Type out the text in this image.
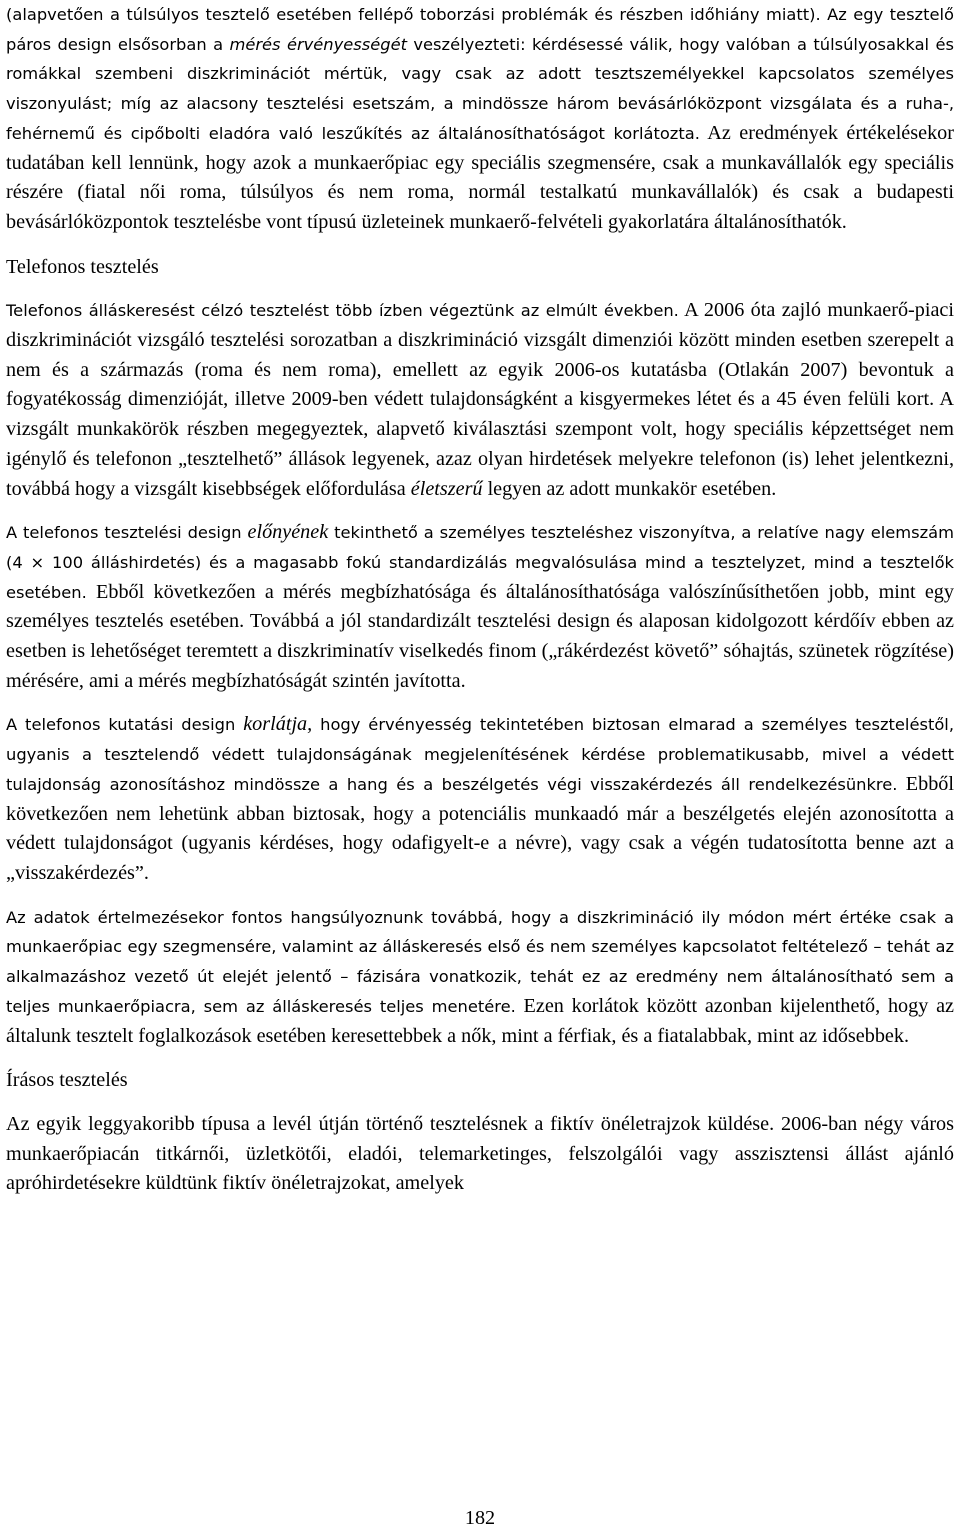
(alapvetően a túlsúlyos tesztelő esetében fellépő toborzási problémák és részben időhiány miatt). Az egy tesztelő páros design elsősorban a mérés érvényességét veszélyezteti: kérdésessé válik, hogy valóban a túlsúlyosakkal és romákkal szembeni diszkriminációt mértük, vagy csak az adott tesztszemélyekkel kapcsolatos személyes viszonyulást; míg az alacsony tesztelési esetszám, a mindössze három bevásárlóközpont vizsgálata és a ruha-, fehérnemű és cipőbolti eladóra való leszűkítés az általánosíthatóságot korlátozta. Az eredmények értékelésekor tudatában kell lennünk, hogy azok a munkaerőpiac egy speciális szegmensére, csak a munkavállalók egy speciális részére (fiatal női roma, túlsúlyos és nem roma, normál testalkatú munkavállalók) és csak a budapesti bevásárlóközpontok tesztelésbe vont típusú üzleteinek munkaerő-felvételi gyakorlatára általánosíthatók.

Telefonos tesztelés

Telefonos álláskeresést célzó tesztelést több ízben végeztünk az elmúlt években. A 2006 óta zajló munkaerő-piaci diszkriminációt vizsgáló tesztelési sorozatban a diszkrimináció vizsgált dimenziói között minden esetben szerepelt a nem és a származás (roma és nem roma), emellett az egyik 2006-os kutatásba (Otlakán 2007) bevontuk a fogyatékosság dimenzióját, illetve 2009-ben védett tulajdonságként a kisgyermekes létet és a 45 éven felüli kort. A vizsgált munkakörök részben megegyeztek, alapvető kiválasztási szempont volt, hogy speciális képzettséget nem igénylő és telefonon „tesztelhető” állások legyenek, azaz olyan hirdetések melyekre telefonon (is) lehet jelentkezni, továbbá hogy a vizsgált kisebbségek előfordulása életszerű legyen az adott munkakör esetében.

A telefonos tesztelési design előnyének tekinthető a személyes teszteléshez viszonyítva, a relatíve nagy elemszám (4 × 100 álláshirdetés) és a magasabb fokú standardizálás megvalósulása mind a tesztelyzet, mind a tesztelők esetében. Ebből következően a mérés megbízhatósága és általánosíthatósága valószínűsíthetően jobb, mint egy személyes tesztelés esetében. Továbbá a jól standardizált tesztelési design és alaposan kidolgozott kérdőív ebben az esetben is lehetőséget teremtett a diszkriminatív viselkedés finom („rákérdezést követő” sóhajtás, szünetek rögzítése) mérésére, ami a mérés megbízhatóságát szintén javította.

A telefonos kutatási design korlátja, hogy érvényesség tekintetében biztosan elmarad a személyes teszteléstől, ugyanis a tesztelendő védett tulajdonságának megjelenítésének kérdése problematikusabb, mivel a védett tulajdonság azonosításhoz mindössze a hang és a beszélgetés végi visszakérdezés áll rendelkezésünkre. Ebből következően nem lehetünk abban biztosak, hogy a potenciális munkaadó már a beszélgetés elején azonosította a védett tulajdonságot (ugyanis kérdéses, hogy odafigyelt-e a névre), vagy csak a végén tudatosította benne azt a „visszakérdezés”.

Az adatok értelmezésekor fontos hangsúlyoznunk továbbá, hogy a diszkrimináció ily módon mért értéke csak a munkaerőpiac egy szegmensére, valamint az álláskeresés első és nem személyes kapcsolatot feltételező – tehát az alkalmazáshoz vezető út elejét jelentő – fázisára vonatkozik, tehát ez az eredmény nem általánosítható sem a teljes munkaerőpiacra, sem az álláskeresés teljes menetére. Ezen korlátok között azonban kijelenthető, hogy az általunk tesztelt foglalkozások esetében keresettebbek a nők, mint a férfiak, és a fiatalabbak, mint az idősebbek.

Írásos tesztelés

Az egyik leggyakoribb típusa a levél útján történő tesztelésnek a fiktív önéletrajzok küldése. 2006-ban négy város munkaerőpiacán titkárnői, üzletkötői, eladói, telemarketinges, felszolgálói vagy asszisztensi állást ajánló apróhirdetésekre küldtünk fiktív önéletrajzokat, amelyek

182
